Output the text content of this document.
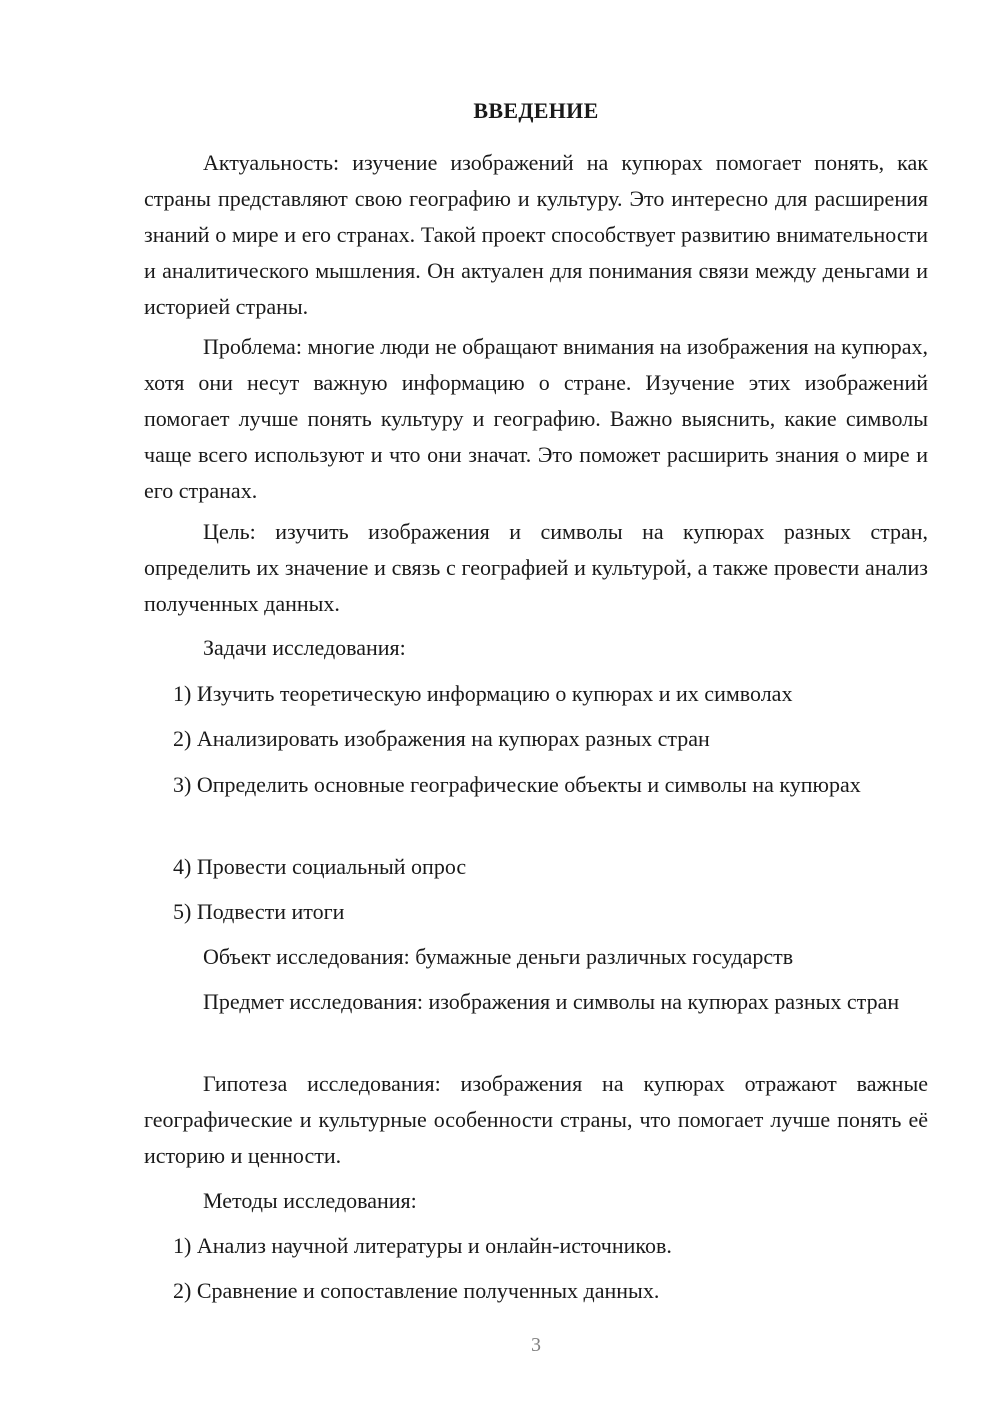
ВВЕДЕНИЕ

Актуальность: изучение изображений на купюрах помогает понять, как страны представляют свою географию и культуру. Это интересно для расширения знаний о мире и его странах. Такой проект способствует развитию внимательности и аналитического мышления. Он актуален для понимания связи между деньгами и историей страны.

Проблема: многие люди не обращают внимания на изображения на купюрах, хотя они несут важную информацию о стране. Изучение этих изображений помогает лучше понять культуру и географию. Важно выяснить, какие символы чаще всего используют и что они значат. Это поможет расширить знания о мире и его странах.

Цель: изучить изображения и символы на купюрах разных стран, определить их значение и связь с географией и культурой, а также провести анализ полученных данных.

Задачи исследования:

1) Изучить теоретическую информацию о купюрах и их символах

2) Анализировать изображения на купюрах разных стран

3) Определить основные географические объекты и символы на купюрах

4) Провести социальный опрос

5) Подвести итоги

Объект исследования: бумажные деньги различных государств

Предмет исследования: изображения и символы на купюрах разных стран

Гипотеза исследования: изображения на купюрах отражают важные географические и культурные особенности страны, что помогает лучше понять её историю и ценности.

Методы исследования:

1) Анализ научной литературы и онлайн-источников.

2) Сравнение и сопоставление полученных данных.

3
